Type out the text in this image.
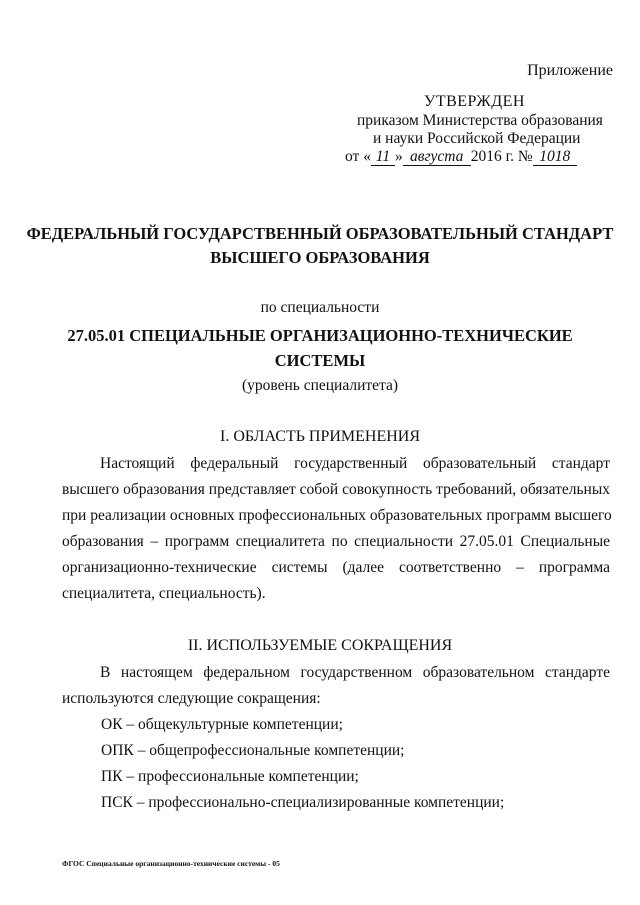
Приложение
УТВЕРЖДЕН
приказом Министерства образования
и науки Российской Федерации
от « 11 » августа 2016 г. № 1018
ФЕДЕРАЛЬНЫЙ ГОСУДАРСТВЕННЫЙ ОБРАЗОВАТЕЛЬНЫЙ СТАНДАРТ
ВЫСШЕГО ОБРАЗОВАНИЯ
по специальности
27.05.01 СПЕЦИАЛЬНЫЕ ОРГАНИЗАЦИОННО-ТЕХНИЧЕСКИЕ
СИСТЕМЫ
(уровень специалитета)
I. ОБЛАСТЬ ПРИМЕНЕНИЯ
Настоящий федеральный государственный образовательный стандарт
высшего образования представляет собой совокупность требований, обязательных
при реализации основных профессиональных образовательных программ высшего
образования – программ специалитета по специальности 27.05.01 Специальные
организационно-технические системы (далее соответственно – программа
специалитета, специальность).
II. ИСПОЛЬЗУЕМЫЕ СОКРАЩЕНИЯ
В настоящем федеральном государственном образовательном стандарте
используются следующие сокращения:
ОК – общекультурные компетенции;
ОПК – общепрофессиональные компетенции;
ПК – профессиональные компетенции;
ПСК – профессионально-специализированные компетенции;
ФГОС Специальные организационно-технические системы - 05
